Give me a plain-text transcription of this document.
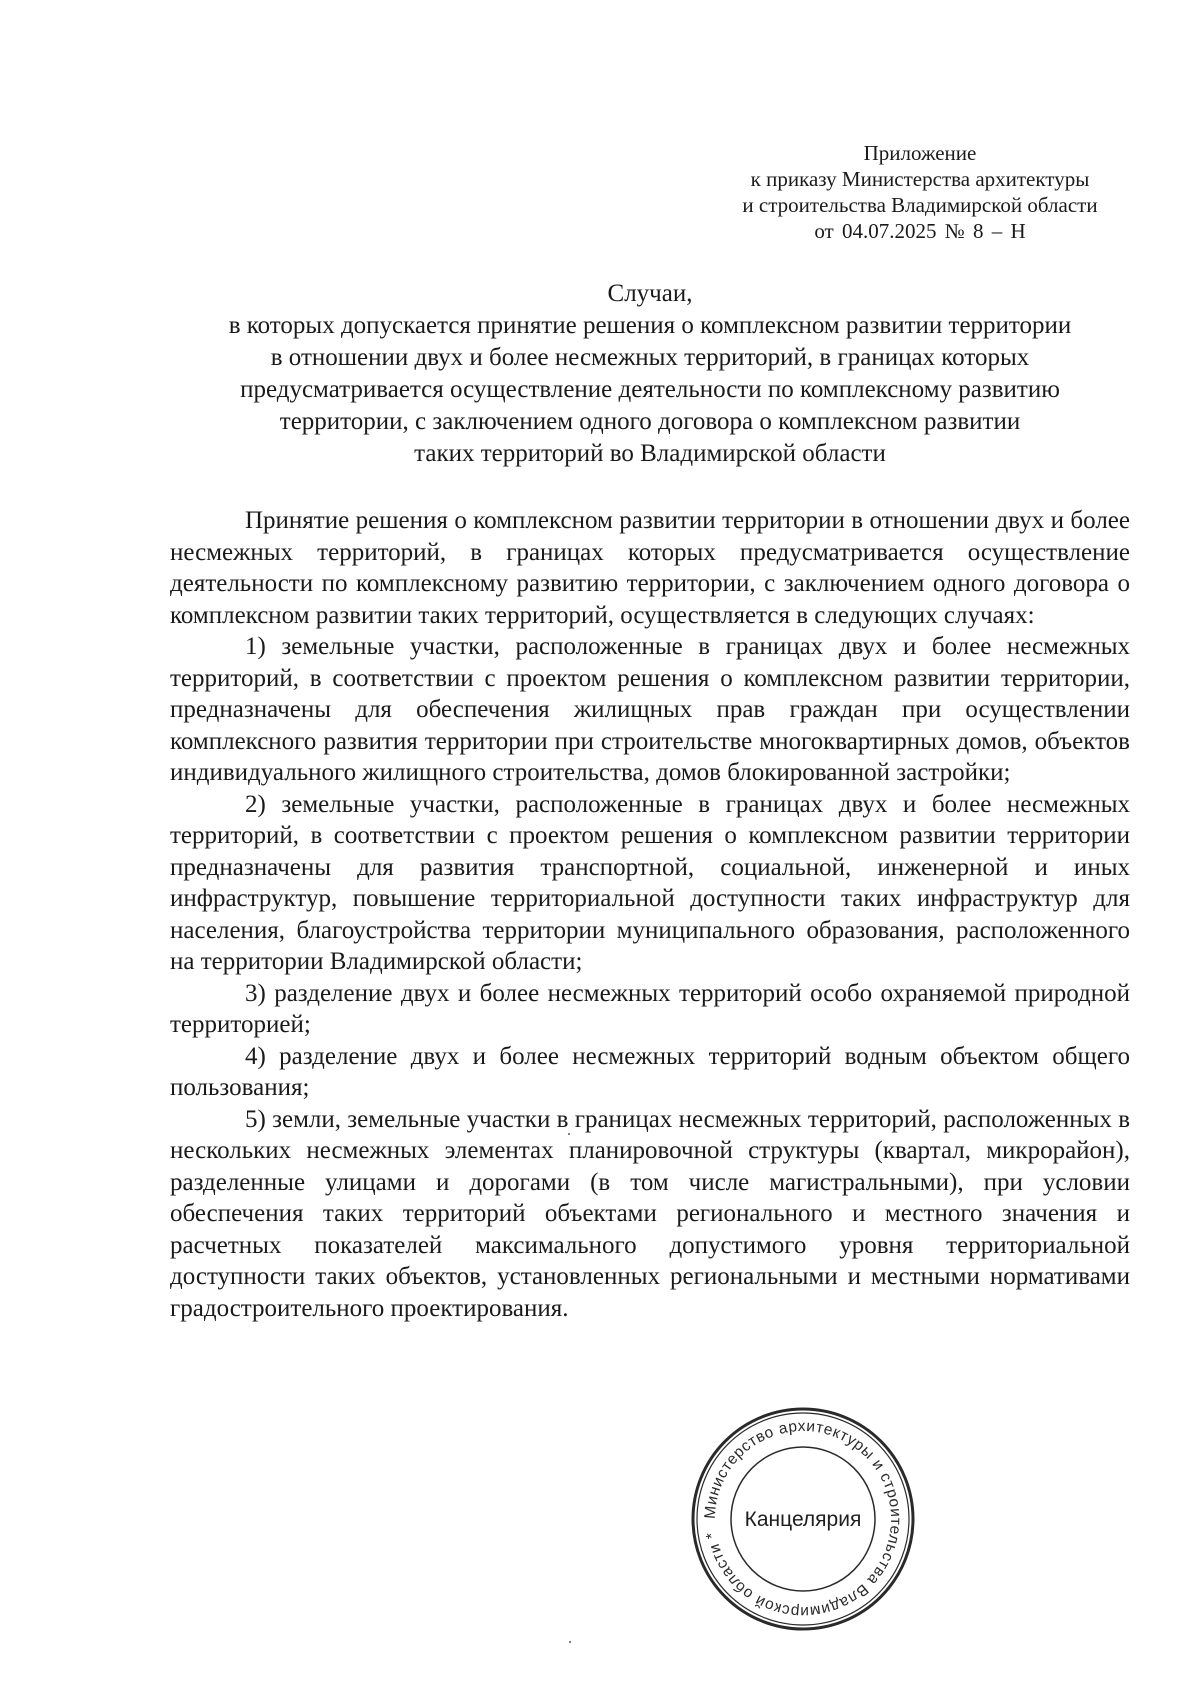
Приложение
к приказу Министерства архитектуры
и строительства Владимирской области
от 04.07.2025 № 8 – Н
Случаи,
в которых допускается принятие решения о комплексном развитии территории
в отношении двух и более несмежных территорий, в границах которых
предусматривается осуществление деятельности по комплексному развитию
территории, с заключением одного договора о комплексном развитии
таких территорий во Владимирской области

Принятие решения о комплексном развитии территории в отношении двух и более несмежных территорий, в границах которых предусматривается осуществление деятельности по комплексному развитию территории, с заключением одного договора о комплексном развитии таких территорий, осуществляется в следующих случаях:

1) земельные участки, расположенные в границах двух и более несмежных территорий, в соответствии с проектом решения о комплексном развитии территории, предназначены для обеспечения жилищных прав граждан при осуществлении комплексного развития территории при строительстве многоквартирных домов, объектов индивидуального жилищного строительства, домов блокированной застройки;

2) земельные участки, расположенные в границах двух и более несмежных территорий, в соответствии с проектом решения о комплексном развитии территории предназначены для развития транспортной, социальной, инженерной и иных инфраструктур, повышение территориальной доступности таких инфраструктур для населения, благоустройства территории муниципального образования, расположенного на территории Владимирской области;

3) разделение двух и более несмежных территорий особо охраняемой природной территорией;

4) разделение двух и более несмежных территорий водным объектом общего пользования;

5) земли, земельные участки в границах несмежных территорий, расположенных в нескольких несмежных элементах планировочной структуры (квартал, микрорайон), разделенные улицами и дорогами (в том числе магистральными), при условии обеспечения таких территорий объектами регионального и местного значения и расчетных показателей максимального допустимого уровня территориальной доступности таких объектов, установленных региональными и местными нормативами градостроительного проектирования.

Министерство архитектуры и строительства Владимирской области *
Канцелярия
